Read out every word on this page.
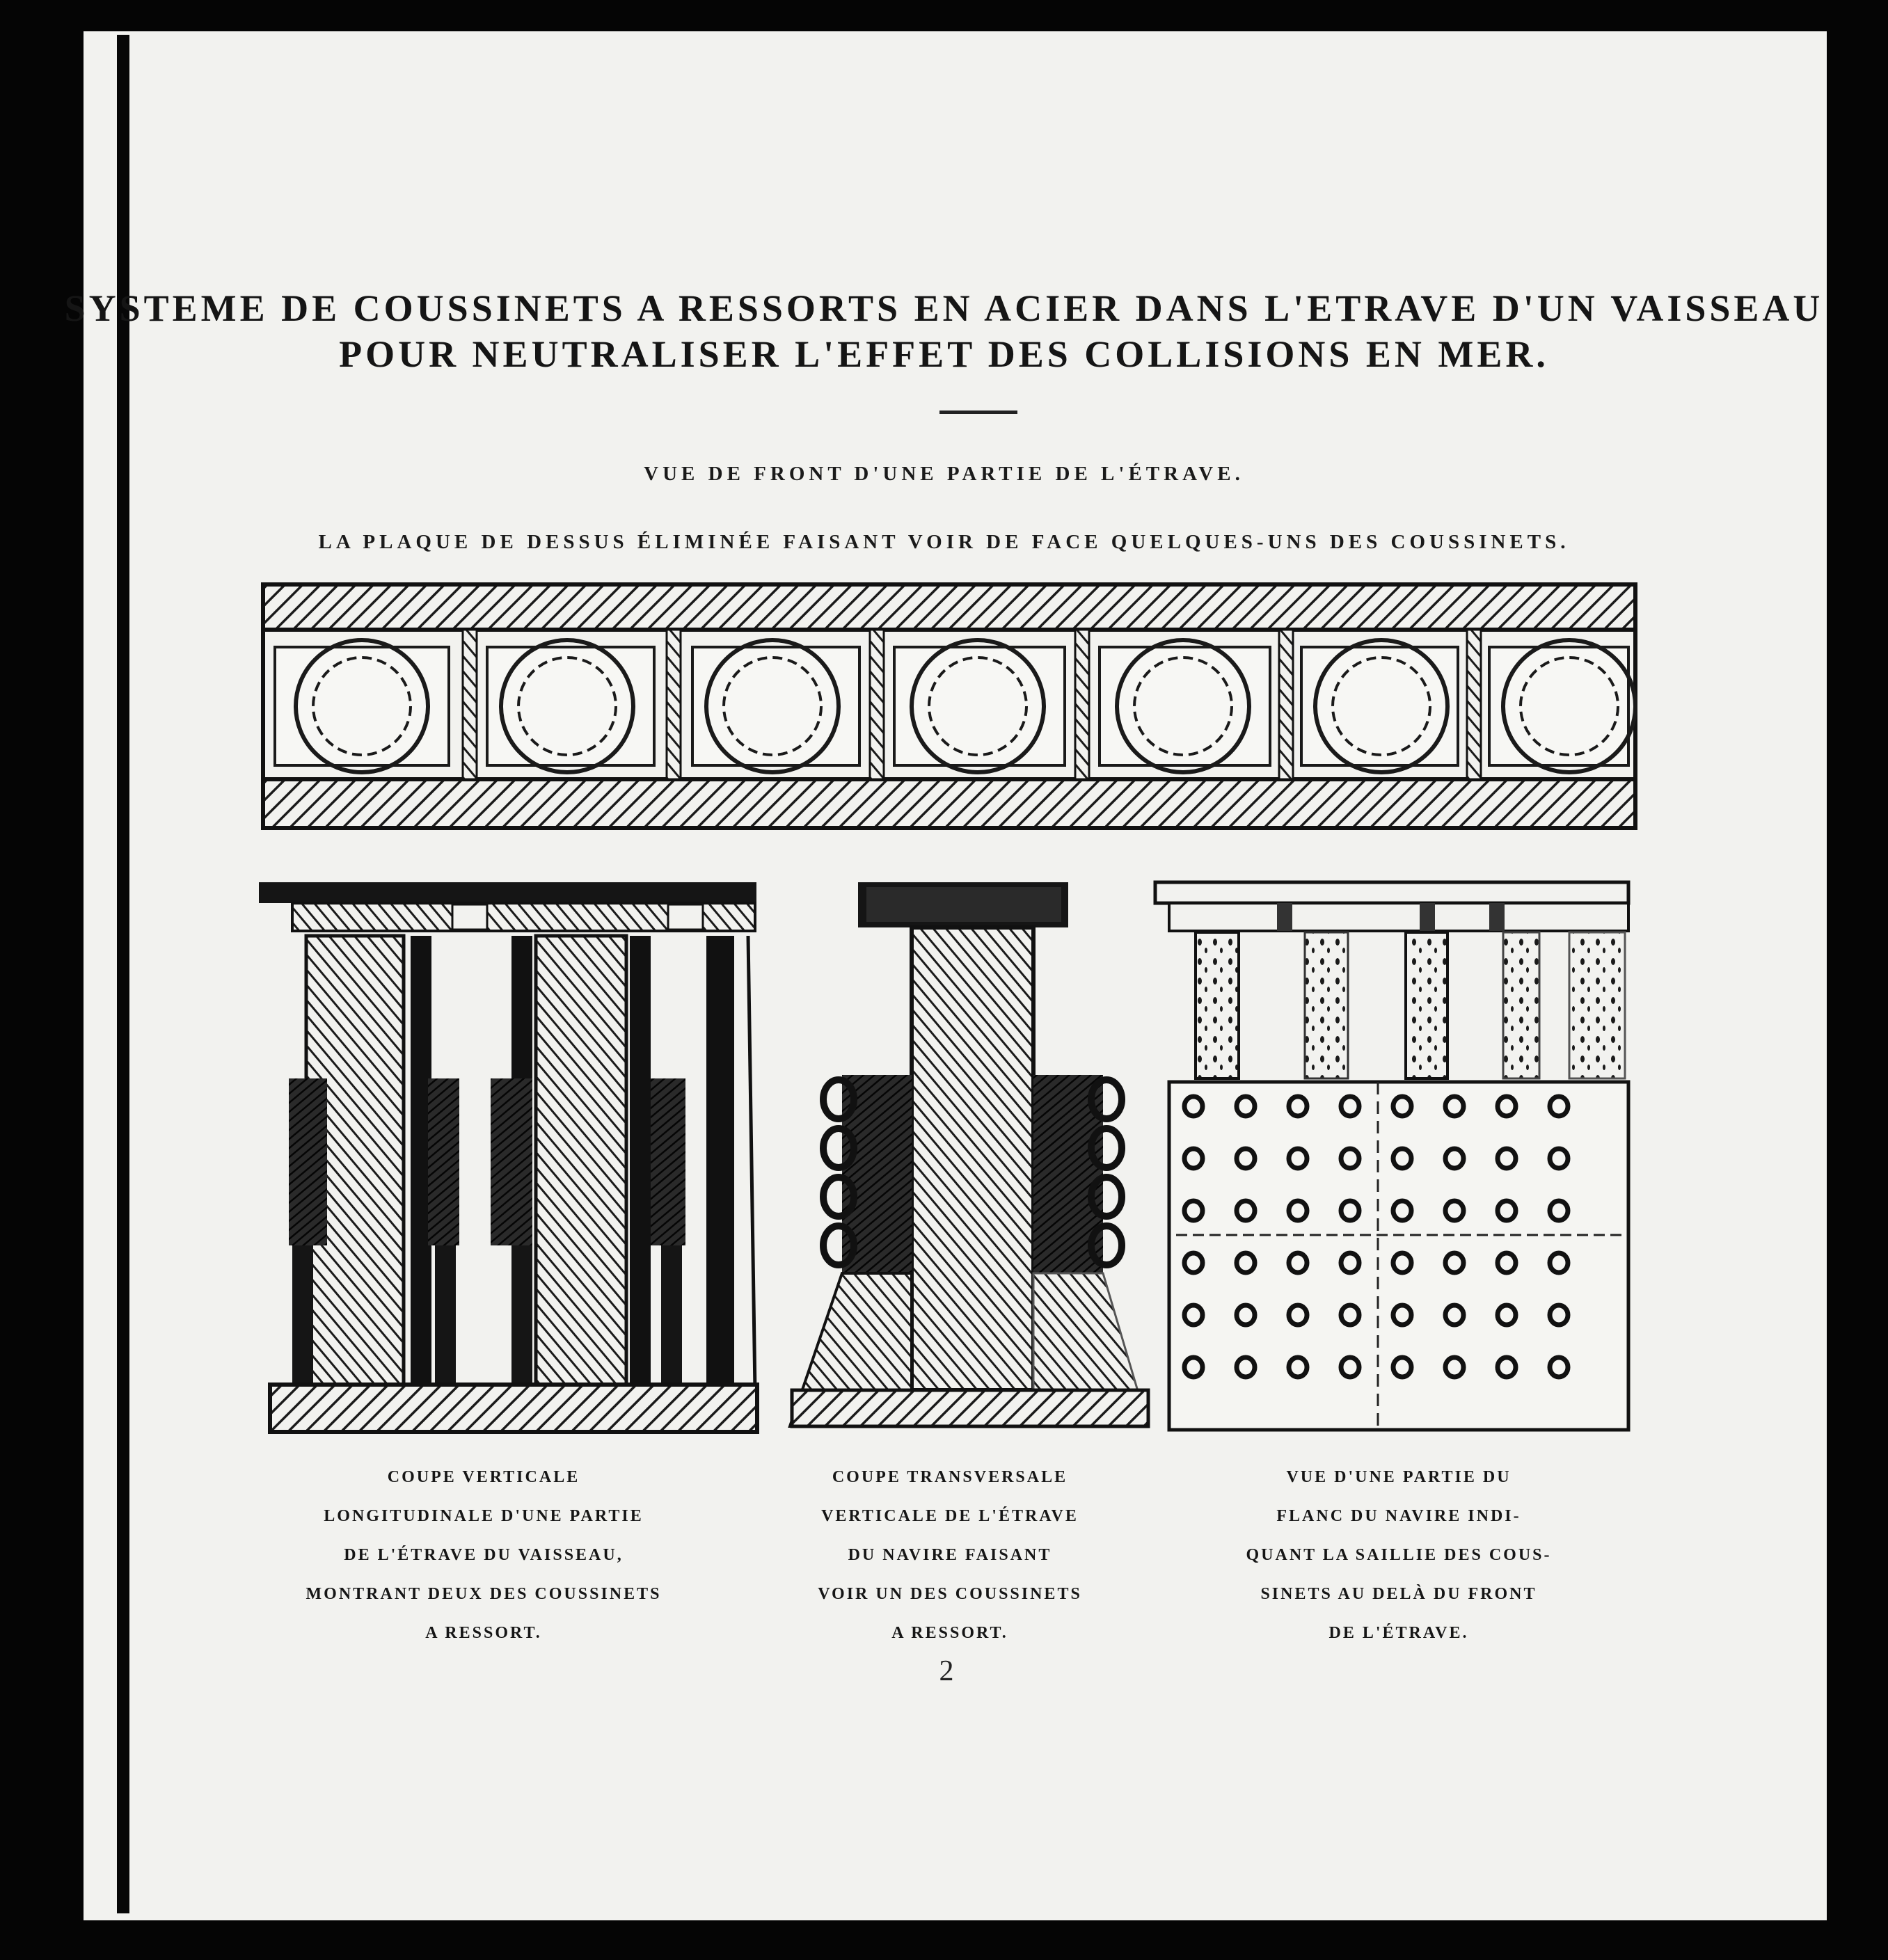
SYSTEME DE COUSSINETS A RESSORTS EN ACIER DANS L'ETRAVE D'UN VAISSEAU
POUR NEUTRALISER L'EFFET DES COLLISIONS EN MER.

VUE DE FRONT D'UNE PARTIE DE L'ÉTRAVE.

LA PLAQUE DE DESSUS ÉLIMINÉE FAISANT VOIR DE FACE QUELQUES-UNS DES COUSSINETS.

COUPE VERTICALE
LONGITUDINALE D'UNE PARTIE
DE L'ÉTRAVE DU VAISSEAU,
MONTRANT DEUX DES COUSSINETS
A RESSORT.
COUPE TRANSVERSALE
VERTICALE DE L'ÉTRAVE
DU NAVIRE FAISANT
VOIR UN DES COUSSINETS
A RESSORT.
VUE D'UNE PARTIE DU
FLANC DU NAVIRE INDI-
QUANT LA SAILLIE DES COUS-
SINETS AU DELÀ DU FRONT
DE L'ÉTRAVE.
2
